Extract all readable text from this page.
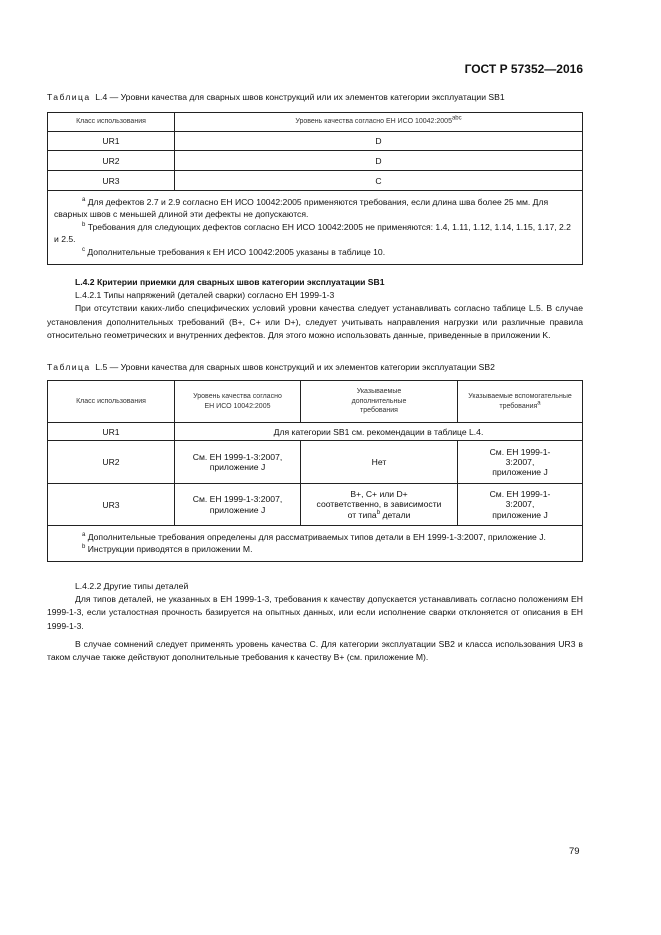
ГОСТ Р 57352—2016
Таблица L.4 — Уровни качества для сварных швов конструкций или их элементов категории эксплуатации SB1
Класс использования	Уровень качества согласно ЕН ИСО $10042:2005^{abc}$
UR1	D
UR2	D
UR3	C

$^a$ Для дефектов 2.7 и 2.9 согласно ЕН ИСО 10042:2005 применяются требования, если длина шва более 25 мм. Для сварных швов с меньшей длиной эти дефекты не допускаются.

$^b$ Требования для следующих дефектов согласно ЕН ИСО 10042:2005 не применяются: 1.4, 1.11, 1.12, 1.14, 1.15, 1.17, 2.2 и 2.5.

$^c$ Дополнительные требования к ЕН ИСО 10042:2005 указаны в таблице 10.	

L.4.2 Критерии приемки для сварных швов категории эксплуатации SB1

L.4.2.1 Типы напряжений (деталей сварки) согласно ЕН 1999-1-3

При отсутствии каких-либо специфических условий уровни качества следует устанавливать согласно таблице L.5. В случае установления дополнительных требований (В+, С+ или D+), следует учитывать направления нагрузки или различные правила относительно геометрических и внутренних дефектов. Для этого можно использовать данные, приведенные в приложении K.

Таблица L.5 — Уровни качества для сварных швов конструкций и их элементов категории эксплуатации SB2
Класс использования	Уровень качества согласно ЕН ИСО 10042:2005	Указываемые дополнительные требования	Указываемые вспомогательные требования$^a$
UR1	Для категории SB1 см. рекомендации в таблице L.4.		
UR2	См. ЕН 1999-1-3:2007, приложение J	Нет	См. ЕН 1999-1-3:2007, приложение J
UR3	См. ЕН 1999-1-3:2007, приложение J	В+, С+ или D+
соответственно, в зависимости
от типа$^b$ детали	См. ЕН 1999-1-3:2007, приложение J

$^a$ Дополнительные требования определены для рассматриваемых типов детали в ЕН 1999-1-3:2007, приложение J.

$^b$ Инструкции приводятся в приложении М.			

L.4.2.2 Другие типы деталей

Для типов деталей, не указанных в ЕН 1999-1-3, требования к качеству допускается устанавливать согласно положениям ЕН 1999-1-3, если усталостная прочность базируется на опытных данных, или если исполнение сварки отклоняется от описания в ЕН 1999-1-3.

В случае сомнений следует применять уровень качества С. Для категории эксплуатации SB2 и класса использования UR3 в таком случае также действуют дополнительные требования к качеству В+ (см. приложение М).

79
